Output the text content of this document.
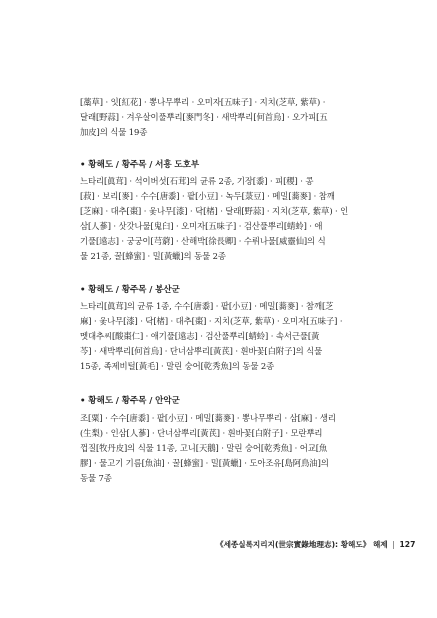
[藁草] · 잇[紅花] · 뽕나무뿌리 · 오미자[五味子] · 지치(芝草, 紫草) ·
달래[野蒜] · 겨우살이풀뿌리[麥門冬] · 새박뿌리[何首烏] · 오가피[五
加皮]의 식물 19종
• 황해도 / 황주목 / 서흥 도호부
느타리[眞茸] · 석이버섯[石茸]의 균류 2종, 기장[黍] · 피[稷] · 콩
[菽] · 보리[麥] · 수수[唐黍] · 팥[小豆] · 녹두[菉豆] · 메밀[蕎麥] · 참깨
[芝麻] · 대추[棗] · 옻나무[漆] · 닥[楮] · 달래[野蒜] · 지치(芝草, 紫草) · 인
삼[人蔘] · 삿갓나물[鬼臼] · 오미자[五味子] · 검산풀뿌리[蜻蛉] · 애
기풀[遠志] · 궁궁이[芎藭] · 산해박[徐長卿] · 수뤼나물[威靈仙]의 식
물 21종, 꿀[蜂蜜] · 밀[黃蠟]의 동물 2종
• 황해도 / 황주목 / 봉산군
느타리[眞茸]의 균류 1종, 수수[唐黍] · 팥[小豆] · 메밀[蕎麥] · 참깨[芝
麻] · 옻나무[漆] · 닥[楮] · 대추[棗] · 지치(芝草, 紫草) · 오미자[五味子] ·
멧대추씨[酸棗仁] · 애기풀[遠志] · 검산풀뿌리[蜻蛉] · 속서근풀[黃
芩] · 새박뿌리[何首烏] · 단너삼뿌리[黃芪] · 흰바꽃[白附子]의 식물
15종, 족제비털[黃毛] · 말린 숭어[乾秀魚]의 동물 2종
• 황해도 / 황주목 / 안악군
조[粟] · 수수[唐黍] · 팥[小豆] · 메밀[蕎麥] · 뽕나무뿌리 · 삼[麻] · 생리
(生梨) · 인삼[人蔘] · 단너삼뿌리[黃芪] · 흰바꽃[白附子] · 모란뿌리
껍질[牧丹皮]의 식물 11종, 고니[天鵝] · 말린 숭어[乾秀魚] · 어교[魚
膠] · 물고기 기름[魚油] · 꿀[蜂蜜] · 밀[黃蠟] · 도아조유[島阿鳥油]의
동물 7종
《세종실록지리지(世宗實錄地理志): 황해도》 해제 | 127
